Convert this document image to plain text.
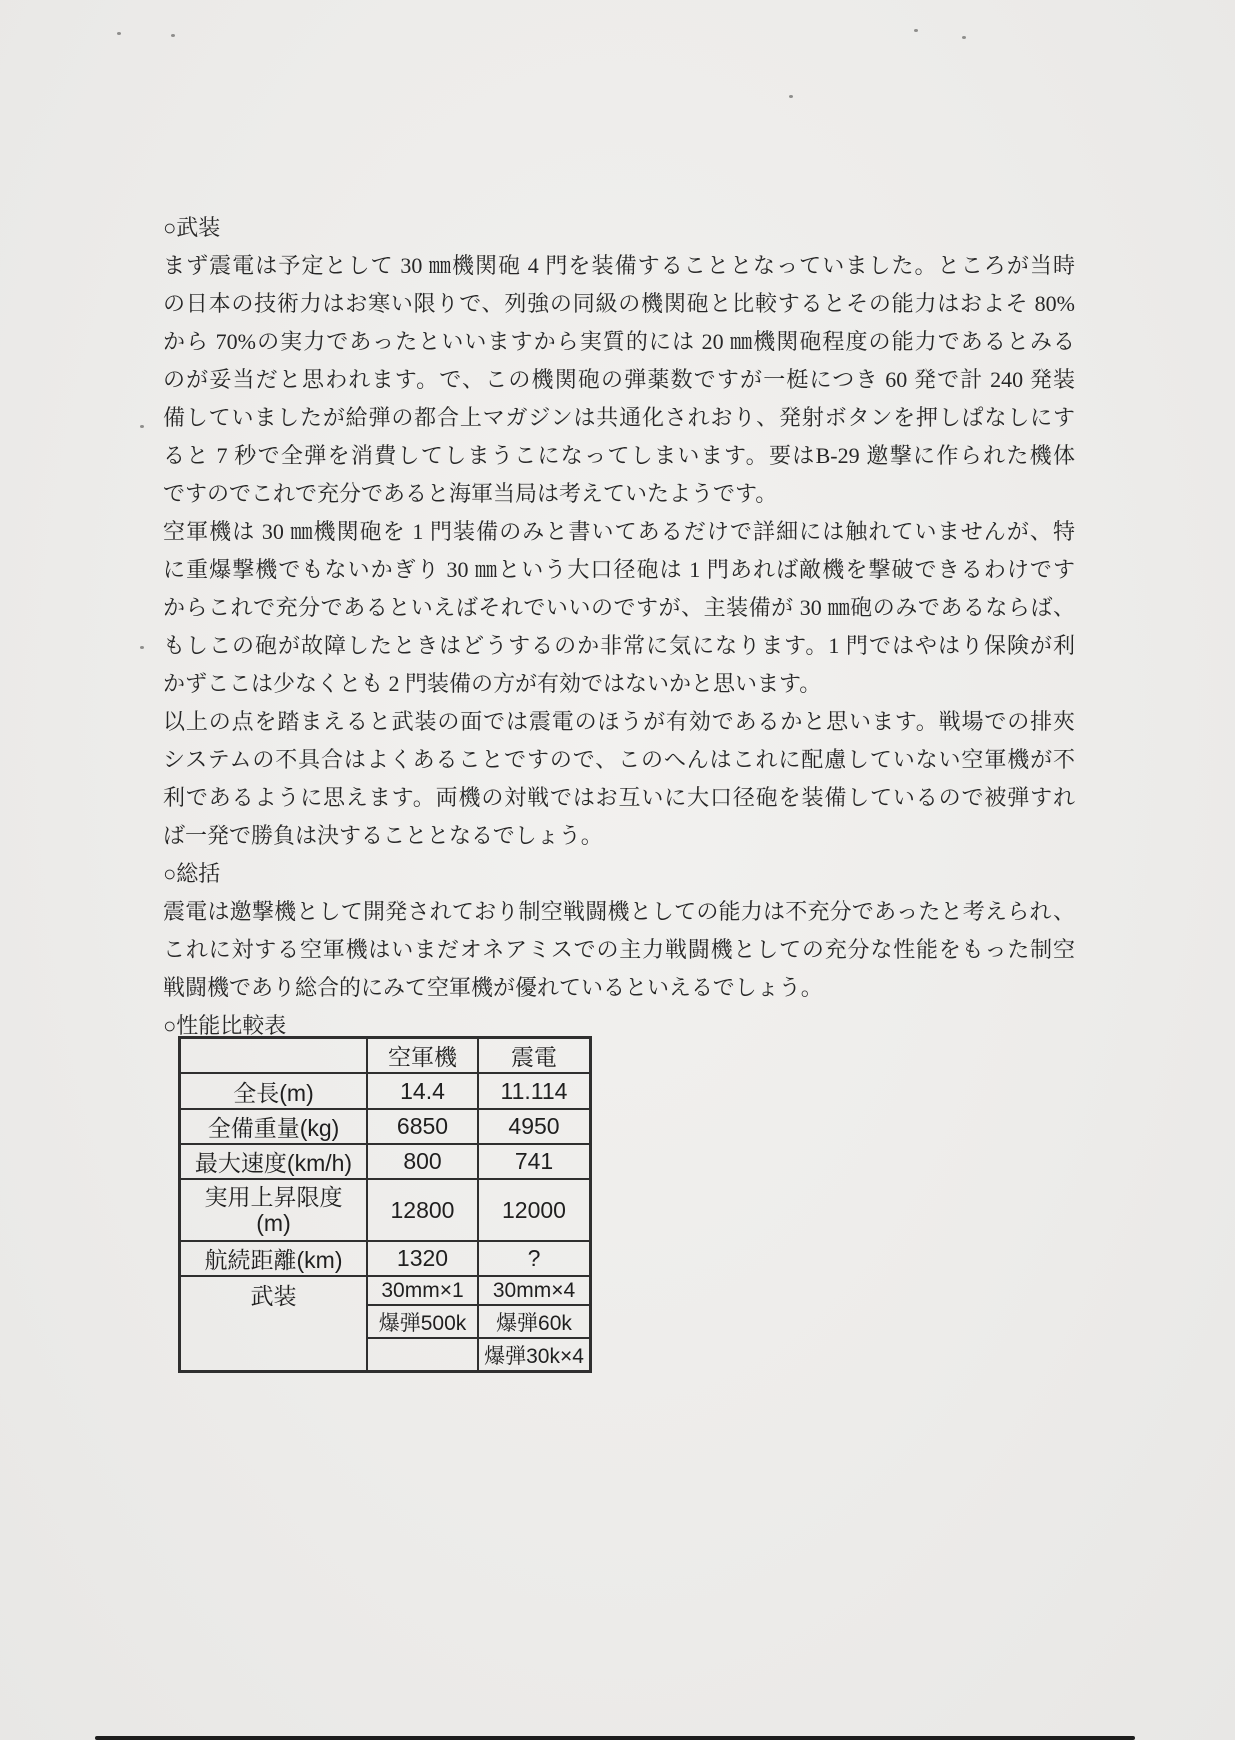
○武装
まず震電は予定として 30 ㎜機関砲 4 門を装備することとなっていました。ところが当時
の日本の技術力はお寒い限りで、列強の同級の機関砲と比較するとその能力はおよそ 80%
から 70%の実力であったといいますから実質的には 20 ㎜機関砲程度の能力であるとみる
のが妥当だと思われます。で、この機関砲の弾薬数ですが一梃につき 60 発で計 240 発装
備していましたが給弾の都合上マガジンは共通化されおり、発射ボタンを押しぱなしにす
ると 7 秒で全弾を消費してしまうこになってしまいます。要はB-29 邀撃に作られた機体
ですのでこれで充分であると海軍当局は考えていたようです。
空軍機は 30 ㎜機関砲を 1 門装備のみと書いてあるだけで詳細には触れていませんが、特
に重爆撃機でもないかぎり 30 ㎜という大口径砲は 1 門あれば敵機を撃破できるわけです
からこれで充分であるといえばそれでいいのですが、主装備が 30 ㎜砲のみであるならば、
もしこの砲が故障したときはどうするのか非常に気になります。1 門ではやはり保険が利
かずここは少なくとも 2 門装備の方が有効ではないかと思います。
以上の点を踏まえると武装の面では震電のほうが有効であるかと思います。戦場での排夾
システムの不具合はよくあることですので、このへんはこれに配慮していない空軍機が不
利であるように思えます。両機の対戦ではお互いに大口径砲を装備しているので被弾すれ
ば一発で勝負は決することとなるでしょう。
○総括
震電は邀撃機として開発されており制空戦闘機としての能力は不充分であったと考えられ、
これに対する空軍機はいまだオネアミスでの主力戦闘機としての充分な性能をもった制空
戦闘機であり総合的にみて空軍機が優れているといえるでしょう。
○性能比較表
	空軍機	震電
全長(m)	14.4	11.114
全備重量(kg)	6850	4950
最大速度(km/h)	800	741

実用上昇限度
(m)	12800	12000
航続距離(km)	1320	?
武装	30mm×1	30mm×4
	爆弾500k	爆弾60k
		爆弾30k×4
